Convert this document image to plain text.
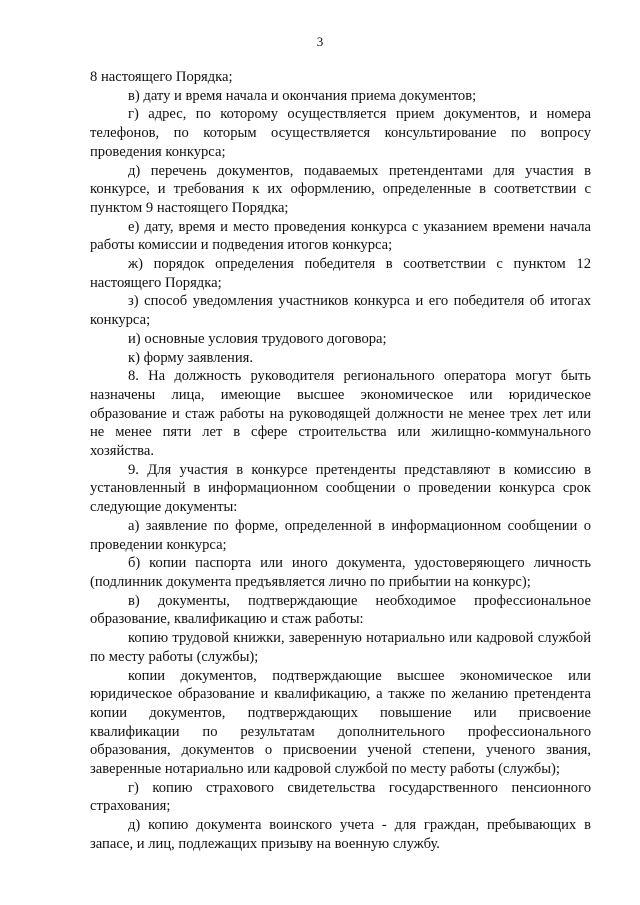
3

8 настоящего Порядка;

в) дату и время начала и окончания приема документов;

г) адрес, по которому осуществляется прием документов, и номера телефонов, по которым осуществляется консультирование по вопросу проведения конкурса;

д) перечень документов, подаваемых претендентами для участия в конкурсе, и требования к их оформлению, определенные в соответствии с пунктом 9 настоящего Порядка;

е) дату, время и место проведения конкурса с указанием времени начала работы комиссии и подведения итогов конкурса;

ж) порядок определения победителя в соответствии с пунктом 12 настоящего Порядка;

з) способ уведомления участников конкурса и его победителя об итогах конкурса;

и) основные условия трудового договора;

к) форму заявления.

8. На должность руководителя регионального оператора могут быть назначены лица, имеющие высшее экономическое или юридическое образование и стаж работы на руководящей должности не менее трех лет или не менее пяти лет в сфере строительства или жилищно-коммунального хозяйства.

9. Для участия в конкурсе претенденты представляют в комиссию в установленный в информационном сообщении о проведении конкурса срок следующие документы:

а) заявление по форме, определенной в информационном сообщении о проведении конкурса;

б) копии паспорта или иного документа, удостоверяющего личность (подлинник документа предъявляется лично по прибытии на конкурс);

в) документы, подтверждающие необходимое профессиональное образование, квалификацию и стаж работы:

копию трудовой книжки, заверенную нотариально или кадровой службой по месту работы (службы);

копии документов, подтверждающие высшее экономическое или юридическое образование и квалификацию, а также по желанию претендента копии документов, подтверждающих повышение или присвоение квалификации по результатам дополнительного профессионального образования, документов о присвоении ученой степени, ученого звания, заверенные нотариально или кадровой службой по месту работы (службы);

г) копию страхового свидетельства государственного пенсионного страхования;

д) копию документа воинского учета - для граждан, пребывающих в запасе, и лиц, подлежащих призыву на военную службу.
